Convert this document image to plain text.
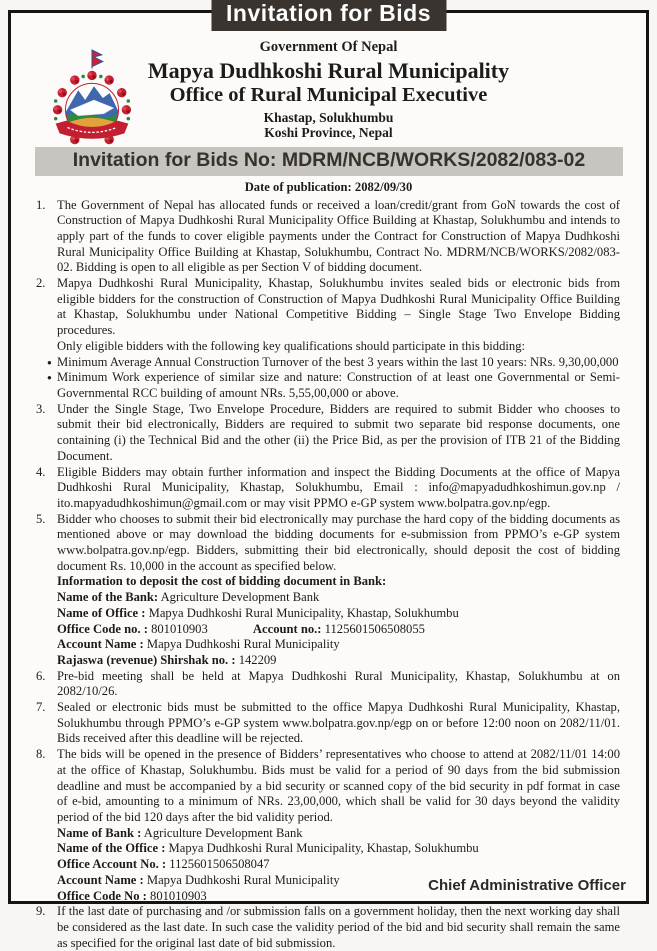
Invitation for Bids
Government Of Nepal
Mapya Dudhkoshi Rural Municipality
Office of Rural Municipal Executive
Khastap, Solukhumbu
Koshi Province, Nepal
Invitation for Bids No: MDRM/NCB/WORKS/2082/083-02
Date of publication: 2082/09/30
1. The Government of Nepal has allocated funds or received a loan/credit/grant from GoN towards the cost of Construction of Mapya Dudhkoshi Rural Municipality Office Building at Khastap, Solukhumbu and intends to apply part of the funds to cover eligible payments under the Contract for Construction of Mapya Dudhkoshi Rural Municipality Office Building at Khastap, Solukhumbu, Contract No. MDRM/NCB/WORKS/2082/083-02. Bidding is open to all eligible as per Section V of bidding document.
2. Mapya Dudhkoshi Rural Municipality, Khastap, Solukhumbu invites sealed bids or electronic bids from eligible bidders for the construction of Construction of Mapya Dudhkoshi Rural Municipality Office Building at Khastap, Solukhumbu under National Competitive Bidding – Single Stage Two Envelope Bidding procedures.
Only eligible bidders with the following key qualifications should participate in this bidding:
● Minimum Average Annual Construction Turnover of the best 3 years within the last 10 years: NRs. 9,30,00,000
● Minimum Work experience of similar size and nature: Construction of at least one Governmental or Semi-Governmental RCC building of amount NRs. 5,55,00,000 or above.
3. Under the Single Stage, Two Envelope Procedure, Bidders are required to submit Bidder who chooses to submit their bid electronically, Bidders are required to submit two separate bid response documents, one containing (i) the Technical Bid and the other (ii) the Price Bid, as per the provision of ITB 21 of the Bidding Document.
4. Eligible Bidders may obtain further information and inspect the Bidding Documents at the office of Mapya Dudhkoshi Rural Municipality, Khastap, Solukhumbu, Email : info@mapyadudhkoshimun.gov.np / ito.mapyadudhkoshimun@gmail.com or may visit PPMO e-GP system www.bolpatra.gov.np/egp.
5. Bidder who chooses to submit their bid electronically may purchase the hard copy of the bidding documents as mentioned above or may download the bidding documents for e-submission from PPMO’s e-GP system www.bolpatra.gov.np/egp. Bidders, submitting their bid electronically, should deposit the cost of bidding document Rs. 10,000 in the account as specified below.
Information to deposit the cost of bidding document in Bank:
Name of the Bank: Agriculture Development Bank
Name of Office : Mapya Dudhkoshi Rural Municipality, Khastap, Solukhumbu
Office Code no. : 801010903	Account no.: 1125601506508055
Account Name : Mapya Dudhkoshi Rural Municipality
Rajaswa (revenue) Shirshak no. : 142209
6. Pre-bid meeting shall be held at Mapya Dudhkoshi Rural Municipality, Khastap, Solukhumbu at on 2082/10/26.
7. Sealed or electronic bids must be submitted to the office Mapya Dudhkoshi Rural Municipality, Khastap, Solukhumbu through PPMO’s e-GP system www.bolpatra.gov.np/egp on or before 12:00 noon on 2082/11/01. Bids received after this deadline will be rejected.
8. The bids will be opened in the presence of Bidders’ representatives who choose to attend at 2082/11/01 14:00 at the office of Khastap, Solukhumbu. Bids must be valid for a period of 90 days from the bid submission deadline and must be accompanied by a bid security or scanned copy of the bid security in pdf format in case of e-bid, amounting to a minimum of NRs. 23,00,000, which shall be valid for 30 days beyond the validity period of the bid 120 days after the bid validity period.
Name of Bank : Agriculture Development Bank
Name of the Office : Mapya Dudhkoshi Rural Municipality, Khastap, Solukhumbu
Office Account No. : 1125601506508047
Account Name : Mapya Dudhkoshi Rural Municipality
Office Code No : 801010903
9. If the last date of purchasing and /or submission falls on a government holiday, then the next working day shall be considered as the last date. In such case the validity period of the bid and bid security shall remain the same as specified for the original last date of bid submission.
Chief Administrative Officer
